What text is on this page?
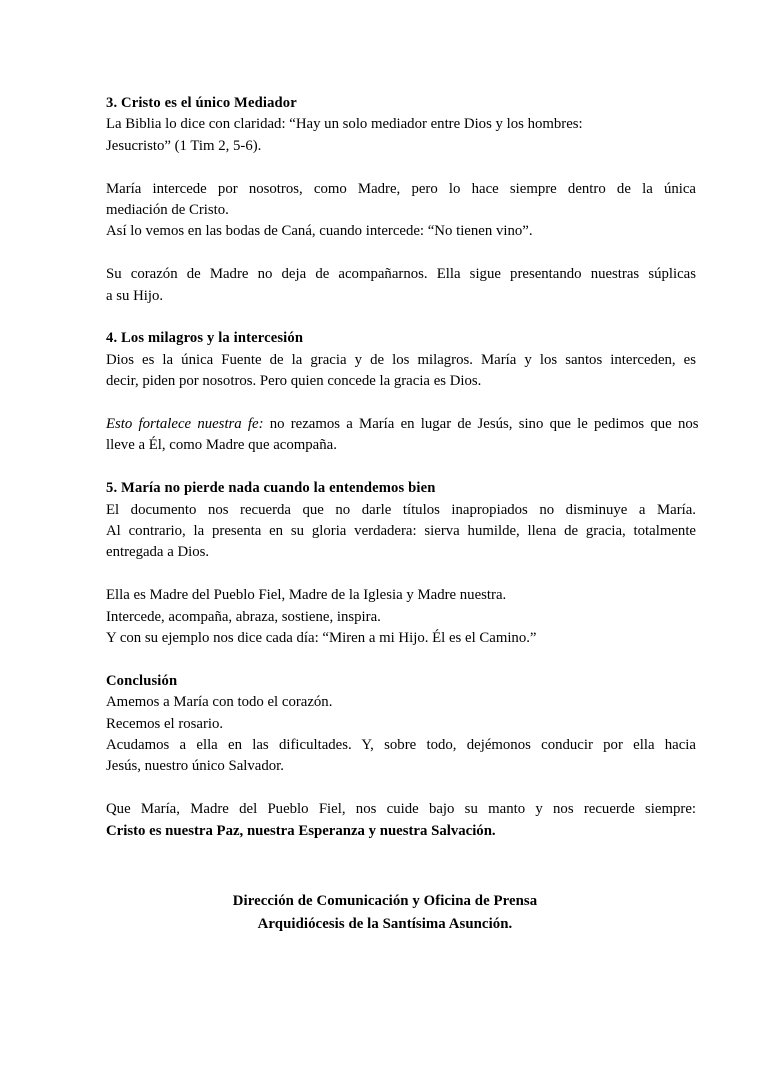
3. Cristo es el único Mediador

La Biblia lo dice con claridad: “Hay un solo mediador entre Dios y los hombres:
Jesucristo” (1 Tim 2, 5-6).

María intercede por nosotros, como Madre, pero lo hace siempre dentro de la única
mediación de Cristo.
Así lo vemos en las bodas de Caná, cuando intercede: “No tienen vino”.

Su corazón de Madre no deja de acompañarnos. Ella sigue presentando nuestras súplicas
a su Hijo.

4. Los milagros y la intercesión

Dios es la única Fuente de la gracia y de los milagros. María y los santos interceden, es
decir, piden por nosotros. Pero quien concede la gracia es Dios.

Esto fortalece nuestra fe: no rezamos a María en lugar de Jesús, sino que le pedimos que nos
lleve a Él, como Madre que acompaña.

5. María no pierde nada cuando la entendemos bien

El documento nos recuerda que no darle títulos inapropiados no disminuye a María.
Al contrario, la presenta en su gloria verdadera: sierva humilde, llena de gracia, totalmente
entregada a Dios.

Ella es Madre del Pueblo Fiel, Madre de la Iglesia y Madre nuestra.
Intercede, acompaña, abraza, sostiene, inspira.
Y con su ejemplo nos dice cada día: “Miren a mi Hijo. Él es el Camino.”

Conclusión

Amemos a María con todo el corazón.
Recemos el rosario.
Acudamos a ella en las dificultades. Y, sobre todo, dejémonos conducir por ella hacia
Jesús, nuestro único Salvador.

Que María, Madre del Pueblo Fiel, nos cuide bajo su manto y nos recuerde siempre:
Cristo es nuestra Paz, nuestra Esperanza y nuestra Salvación.

Dirección de Comunicación y Oficina de Prensa

Arquidiócesis de la Santísima Asunción.
